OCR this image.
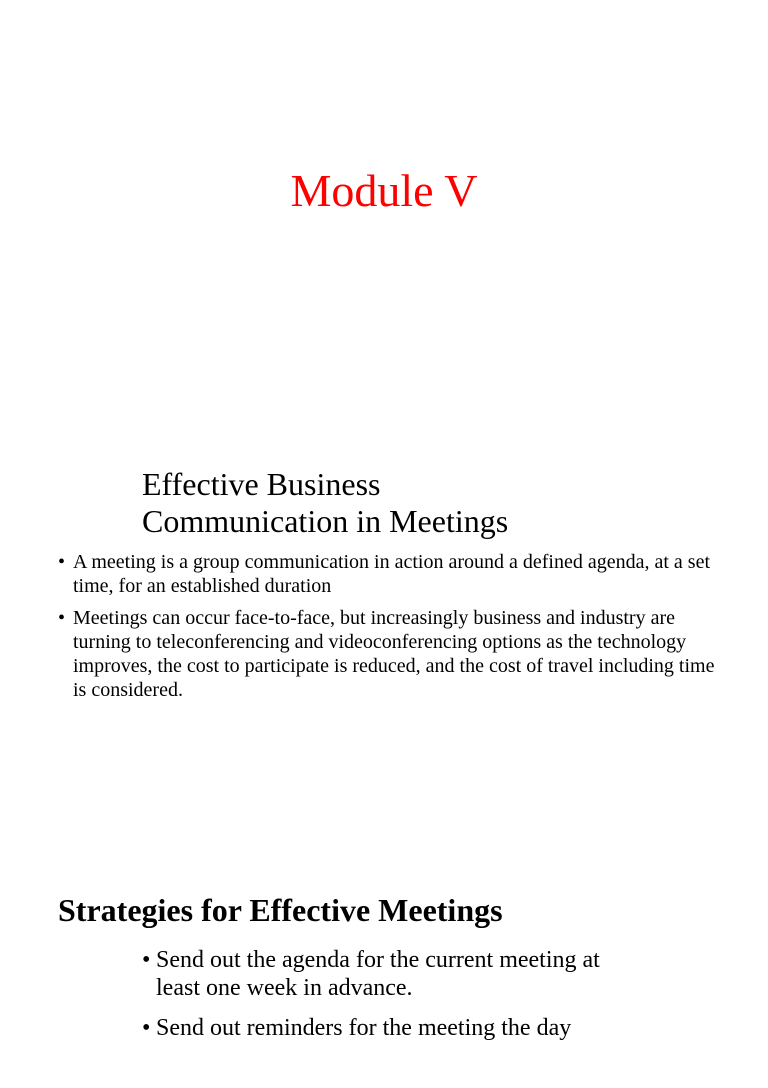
Module V
Effective Business
Communication in Meetings
• A meeting is a group communication in action around a defined agenda, at a set time, for an established duration
• Meetings can occur face-to-face, but increasingly business and industry are turning to teleconferencing and videoconferencing options as the technology improves, the cost to participate is reduced, and the cost of travel including time is considered.
Strategies for Effective Meetings
• Send out the agenda for the current meeting at least one week in advance.
• Send out reminders for the meeting the day
